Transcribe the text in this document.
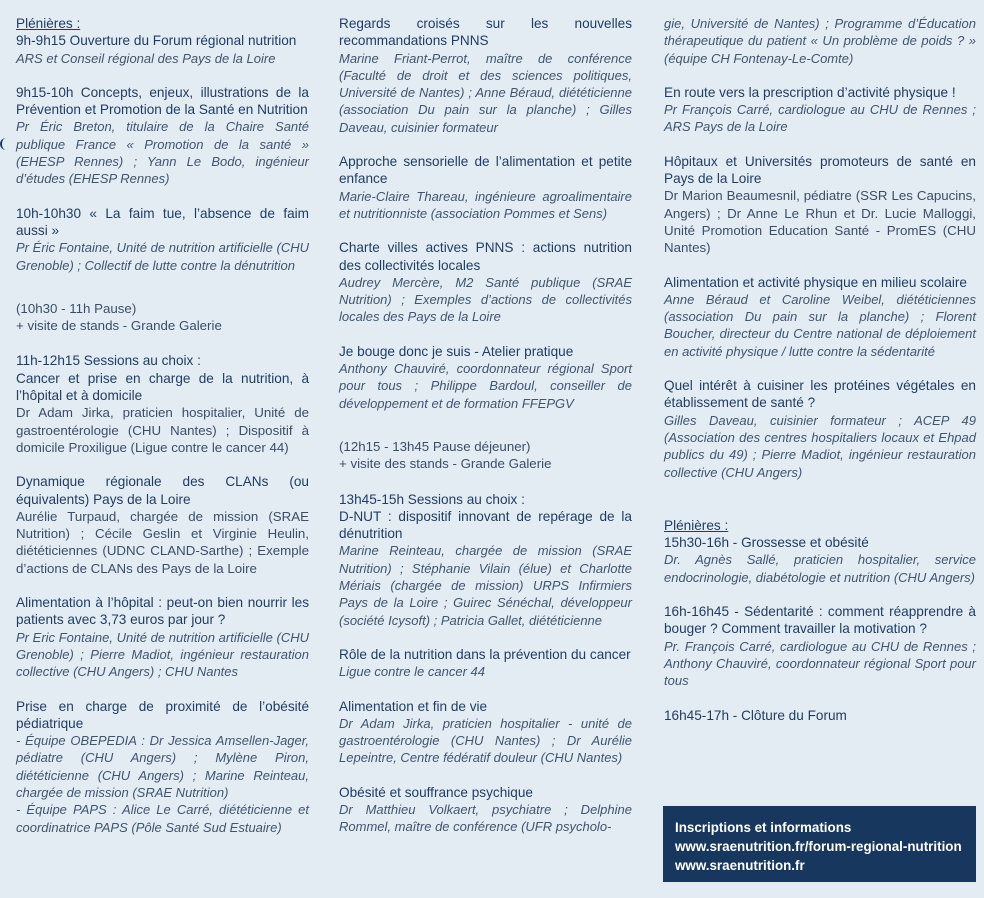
Plénières :
9h-9h15 Ouverture du Forum régional nutrition
ARS et Conseil régional des Pays de la Loire
9h15-10h Concepts, enjeux, illustrations de la Prévention et Promotion de la Santé en Nutrition
Pr Éric Breton, titulaire de la Chaire Santé publique France « Promotion de la santé » (EHESP Rennes) ; Yann Le Bodo, ingénieur d’études (EHESP Rennes)
10h-10h30 « La faim tue, l’absence de faim aussi »
Pr Éric Fontaine, Unité de nutrition artificielle (CHU Grenoble) ; Collectif de lutte contre la dénutrition
(10h30 - 11h Pause)
+ visite de stands - Grande Galerie
11h-12h15 Sessions au choix :
Cancer et prise en charge de la nutrition, à l’hôpital et à domicile
Dr Adam Jirka, praticien hospitalier, Unité de gastroentérologie (CHU Nantes) ; Dispositif à domicile Proxiligue (Ligue contre le cancer 44)
Dynamique régionale des CLANs (ou équivalents) Pays de la Loire
Aurélie Turpaud, chargée de mission (SRAE Nutrition) ; Cécile Geslin et Virginie Heulin, diététiciennes (UDNC CLAND-Sarthe) ; Exemple d’actions de CLANs des Pays de la Loire
Alimentation à l’hôpital : peut-on bien nourrir les patients avec 3,73 euros par jour ?
Pr Eric Fontaine, Unité de nutrition artificielle (CHU Grenoble) ; Pierre Madiot, ingénieur restauration collective (CHU Angers) ; CHU Nantes
Prise en charge de proximité de l’obésité pédiatrique
- Équipe OBEPEDIA : Dr Jessica Amsellen-Jager, pédiatre (CHU Angers) ; Mylène Piron, diététicienne (CHU Angers) ; Marine Reinteau, chargée de mission (SRAE Nutrition)
- Équipe PAPS : Alice Le Carré, diététicienne et coordinatrice PAPS (Pôle Santé Sud Estuaire)
Regards croisés sur les nouvelles recommandations PNNS
Marine Friant-Perrot, maître de conférence (Faculté de droit et des sciences politiques, Université de Nantes) ; Anne Béraud, diététicienne (association Du pain sur la planche) ; Gilles Daveau, cuisinier formateur
Approche sensorielle de l’alimentation et petite enfance
Marie-Claire Thareau, ingénieure agroalimentaire et nutritionniste (association Pommes et Sens)
Charte villes actives PNNS : actions nutrition des collectivités locales
Audrey Mercère, M2 Santé publique (SRAE Nutrition) ; Exemples d’actions de collectivités locales des Pays de la Loire
Je bouge donc je suis - Atelier pratique
Anthony Chauviré, coordonnateur régional Sport pour tous ; Philippe Bardoul, conseiller de développement et de formation FFEPGV
(12h15 - 13h45 Pause déjeuner)
+ visite des stands - Grande Galerie
13h45-15h Sessions au choix :
D-NUT : dispositif innovant de repérage de la dénutrition
Marine Reinteau, chargée de mission (SRAE Nutrition) ; Stéphanie Vilain (élue) et Charlotte Mériais (chargée de mission) URPS Infirmiers Pays de la Loire ; Guirec Sénéchal, développeur (société Icysoft) ; Patricia Gallet, diététicienne
Rôle de la nutrition dans la prévention du cancer
Ligue contre le cancer 44
Alimentation et fin de vie
Dr Adam Jirka, praticien hospitalier - unité de gastroentérologie (CHU Nantes) ; Dr Aurélie Lepeintre, Centre fédératif douleur (CHU Nantes)
Obésité et souffrance psychique
Dr Matthieu Volkaert, psychiatre ; Delphine Rommel, maître de conférence (UFR psycholo-
gie, Université de Nantes) ; Programme d’Éducation thérapeutique du patient « Un problème de poids ? » (équipe CH Fontenay-Le-Comte)
En route vers la prescription d’activité physique !
Pr François Carré, cardiologue au CHU de Rennes ; ARS Pays de la Loire
Hôpitaux et Universités promoteurs de santé en Pays de la Loire
Dr Marion Beaumesnil, pédiatre (SSR Les Capucins, Angers) ; Dr Anne Le Rhun et Dr. Lucie Malloggi, Unité Promotion Education Santé - PromES (CHU Nantes)
Alimentation et activité physique en milieu scolaire
Anne Béraud et Caroline Weibel, diététiciennes (association Du pain sur la planche) ; Florent Boucher, directeur du Centre national de déploiement en activité physique / lutte contre la sédentarité
Quel intérêt à cuisiner les protéines végétales en établissement de santé ?
Gilles Daveau, cuisinier formateur ; ACEP 49 (Association des centres hospitaliers locaux et Ehpad publics du 49) ; Pierre Madiot, ingénieur restauration collective (CHU Angers)
Plénières :
15h30-16h - Grossesse et obésité
Dr. Agnès Sallé, praticien hospitalier, service endocrinologie, diabétologie et nutrition (CHU Angers)
16h-16h45 - Sédentarité : comment réapprendre à bouger ? Comment travailler la motivation ?
Pr. François Carré, cardiologue au CHU de Rennes ; Anthony Chauviré, coordonnateur régional Sport pour tous
16h45-17h - Clôture du Forum
Inscriptions et informations
www.sraenutrition.fr/forum-regional-nutrition
www.sraenutrition.fr
